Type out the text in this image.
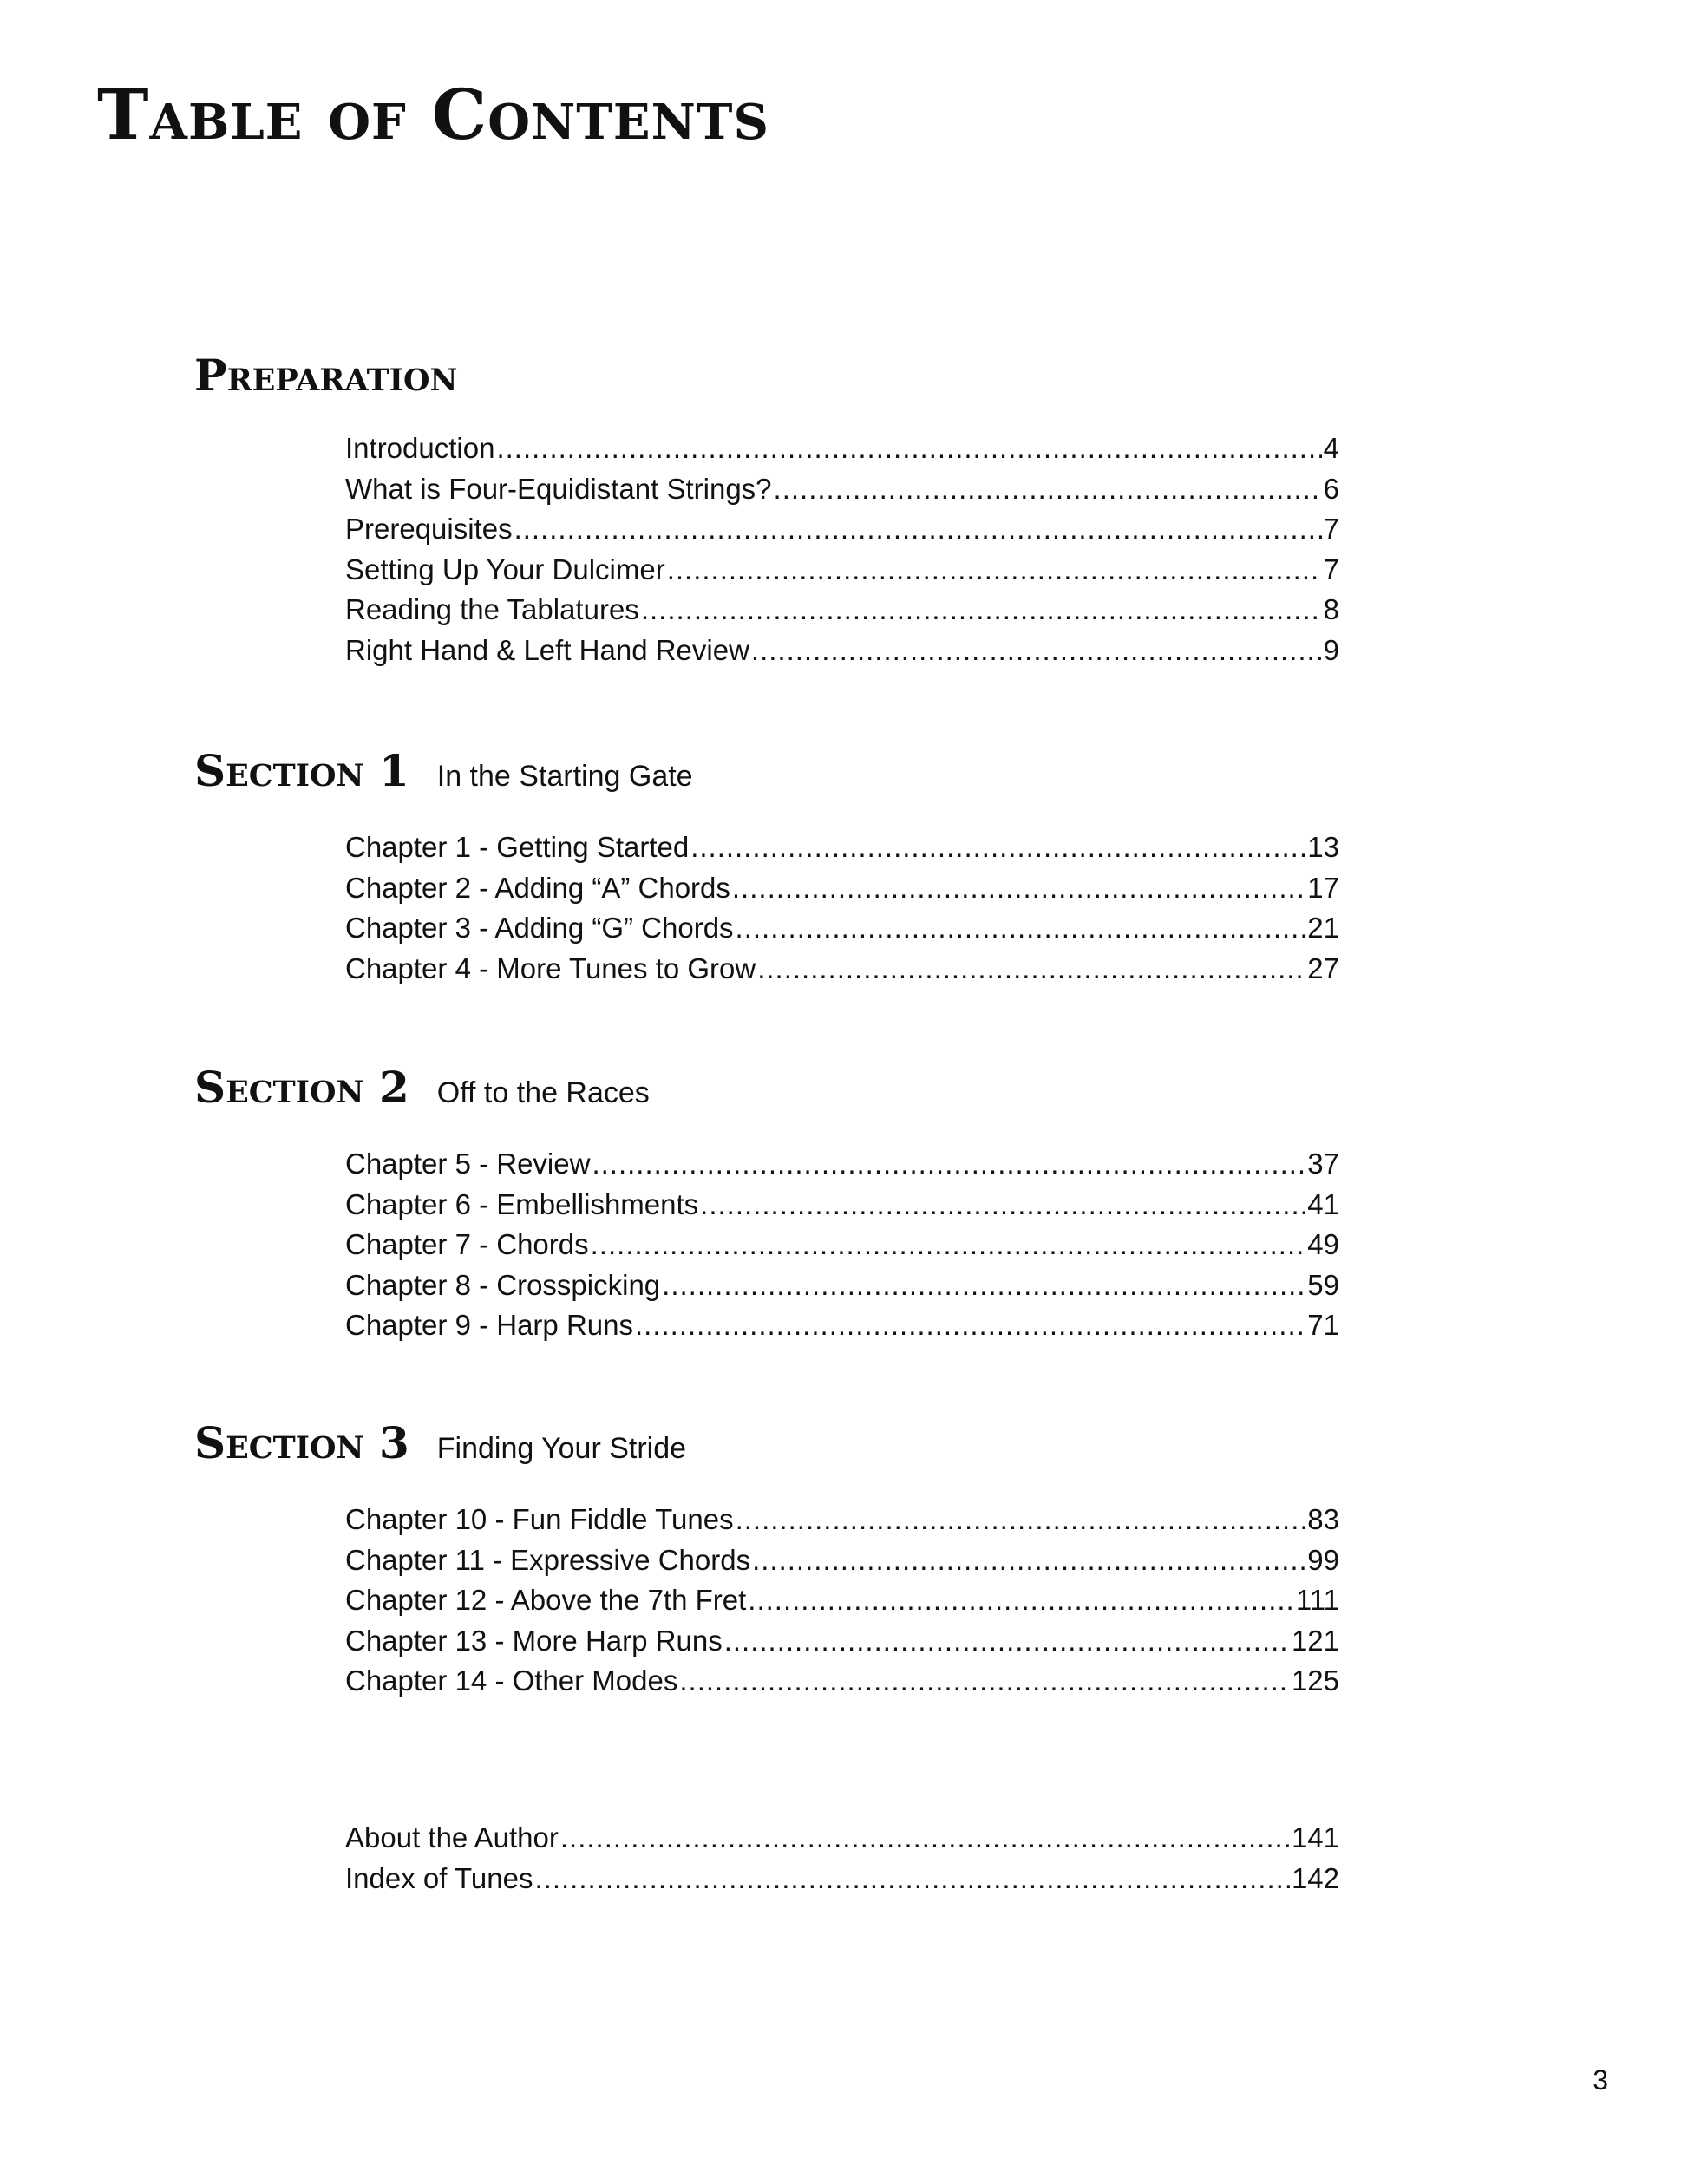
Table of Contents
Preparation
Introduction .....	4
What is Four-Equidistant Strings? .....	6
Prerequisites .....	7
Setting Up Your Dulcimer .....	7
Reading the Tablatures .....	8
Right Hand & Left Hand Review .....	9
Section 1 In the Starting Gate
Chapter 1 - Getting Started .....	13
Chapter 2 - Adding “A” Chords .....	17
Chapter 3 - Adding “G” Chords .....	21
Chapter 4 - More Tunes to Grow .....	27
Section 2 Off to the Races
Chapter 5 - Review .....	37
Chapter 6 - Embellishments .....	41
Chapter 7 - Chords .....	49
Chapter 8 - Crosspicking .....	59
Chapter 9 - Harp Runs .....	71
Section 3 Finding Your Stride
Chapter 10 - Fun Fiddle Tunes .....	83
Chapter 11 - Expressive Chords .....	99
Chapter 12 - Above the 7th Fret .....	111
Chapter 13 - More Harp Runs .....	121
Chapter 14 - Other Modes .....	125
About the Author .....	141
Index of Tunes .....	142
3
